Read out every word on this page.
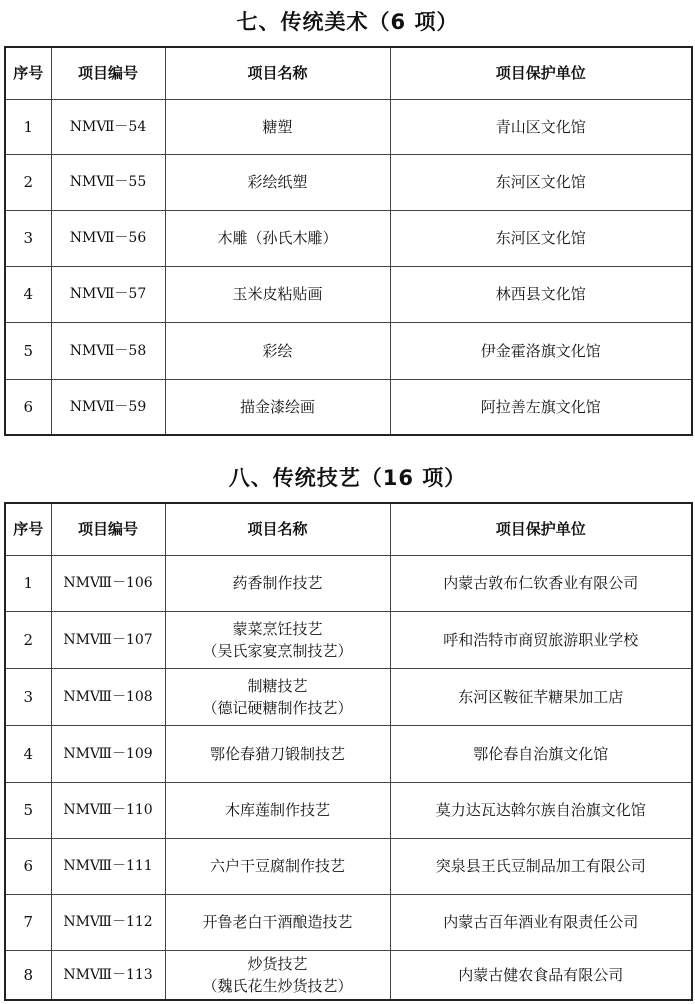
七、传统美术（6 项）
序号	项目编号	项目名称	项目保护单位
1	NMⅦ－54	糖塑	青山区文化馆
2	NMⅦ－55	彩绘纸塑	东河区文化馆
3	NMⅦ－56	木雕（孙氏木雕）	东河区文化馆
4	NMⅦ－57	玉米皮粘贴画	林西县文化馆
5	NMⅦ－58	彩绘	伊金霍洛旗文化馆
6	NMⅦ－59	描金漆绘画	阿拉善左旗文化馆
八、传统技艺（16 项）
序号	项目编号	项目名称	项目保护单位
1	NMⅧ－106	药香制作技艺	内蒙古敦布仁钦香业有限公司
2	NMⅧ－107	蒙菜烹饪技艺
（吴氏家宴烹制技艺）	呼和浩特市商贸旅游职业学校
3	NMⅧ－108	制糖技艺
（德记硬糖制作技艺）	东河区鞍征芊糖果加工店
4	NMⅧ－109	鄂伦春猎刀锻制技艺	鄂伦春自治旗文化馆
5	NMⅧ－110	木库莲制作技艺	莫力达瓦达斡尔族自治旗文化馆
6	NMⅧ－111	六户干豆腐制作技艺	突泉县王氏豆制品加工有限公司
7	NMⅧ－112	开鲁老白干酒酿造技艺	内蒙古百年酒业有限责任公司
8	NMⅧ－113	炒货技艺
（魏氏花生炒货技艺）	内蒙古健农食品有限公司
